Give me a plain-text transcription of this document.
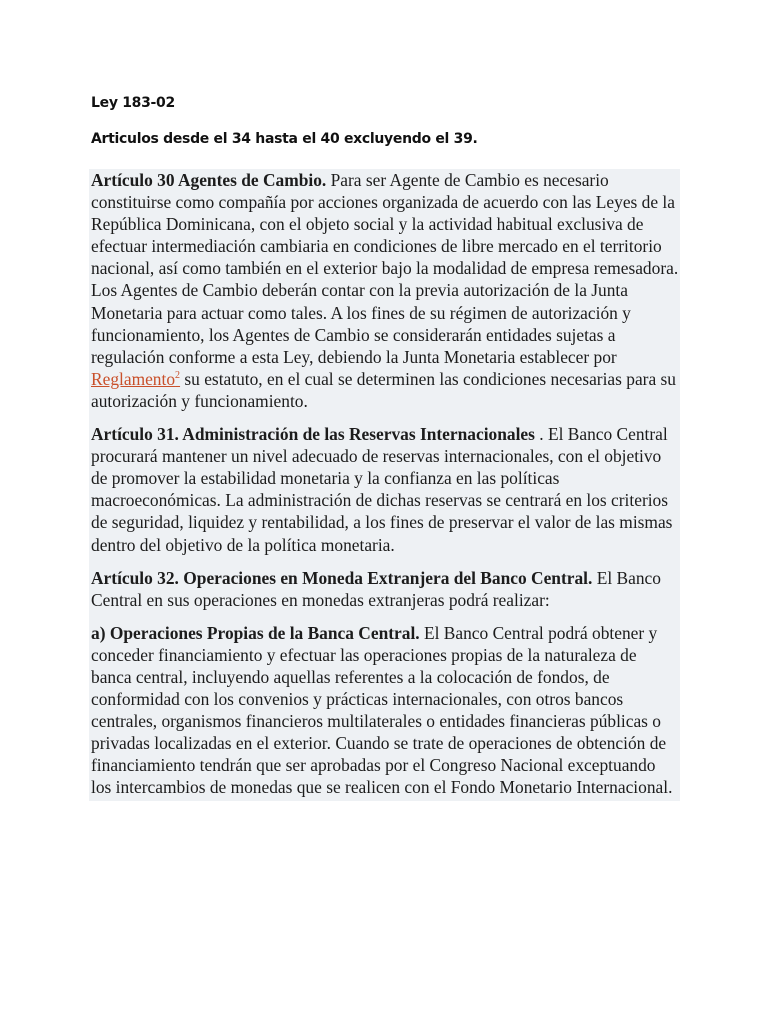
Ley 183-02
Articulos desde el 34 hasta el 40 excluyendo el 39.

Artículo 30 Agentes de Cambio. Para ser Agente de Cambio es necesario constituirse como compañía por acciones organizada de acuerdo con las Leyes de la República Dominicana, con el objeto social y la actividad habitual exclusiva de efectuar intermediación cambiaria en condiciones de libre mercado en el territorio nacional, así como también en el exterior bajo la modalidad de empresa remesadora. Los Agentes de Cambio deberán contar con la previa autorización de la Junta Monetaria para actuar como tales. A los fines de su régimen de autorización y funcionamiento, los Agentes de Cambio se considerarán entidades sujetas a regulación conforme a esta Ley, debiendo la Junta Monetaria establecer por Reglamento$^2$ su estatuto, en el cual se determinen las condiciones necesarias para su autorización y funcionamiento.

Artículo 31. Administración de las Reservas Internacionales . El Banco Central procurará mantener un nivel adecuado de reservas internacionales, con el objetivo de promover la estabilidad monetaria y la confianza en las políticas macroeconómicas. La administración de dichas reservas se centrará en los criterios de seguridad, liquidez y rentabilidad, a los fines de preservar el valor de las mismas dentro del objetivo de la política monetaria.

Artículo 32. Operaciones en Moneda Extranjera del Banco Central. El Banco Central en sus operaciones en monedas extranjeras podrá realizar:

a) Operaciones Propias de la Banca Central. El Banco Central podrá obtener y conceder financiamiento y efectuar las operaciones propias de la naturaleza de banca central, incluyendo aquellas referentes a la colocación de fondos, de conformidad con los convenios y prácticas internacionales, con otros bancos centrales, organismos financieros multilaterales o entidades financieras públicas o privadas localizadas en el exterior. Cuando se trate de operaciones de obtención de financiamiento tendrán que ser aprobadas por el Congreso Nacional exceptuando los intercambios de monedas que se realicen con el Fondo Monetario Internacional.
